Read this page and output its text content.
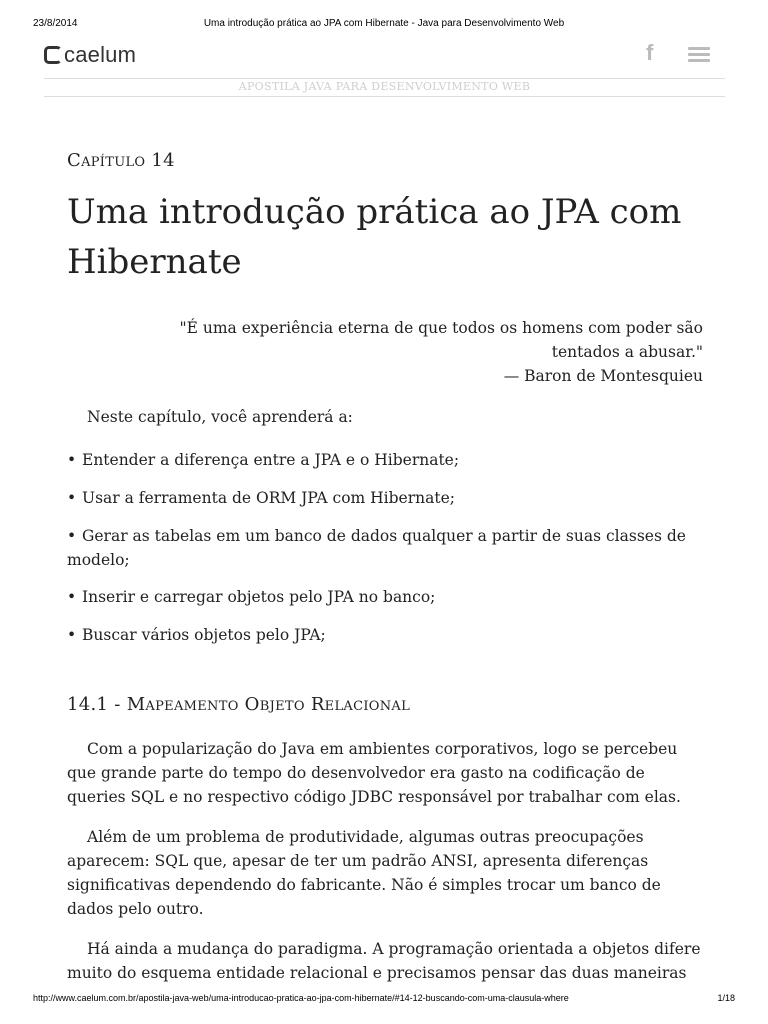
23/8/2014	Uma introdução prática ao JPA com Hibernate - Java para Desenvolvimento Web
caelum	f
APOSTILA JAVA PARA DESENVOLVIMENTO WEB
Capítulo 14
Uma introdução prática ao JPA com Hibernate
"É uma experiência eterna de que todos os homens com poder são tentados a abusar."
— Baron de Montesquieu
Neste capítulo, você aprenderá a:
• Entender a diferença entre a JPA e o Hibernate;
• Usar a ferramenta de ORM JPA com Hibernate;
• Gerar as tabelas em um banco de dados qualquer a partir de suas classes de modelo;
• Inserir e carregar objetos pelo JPA no banco;
• Buscar vários objetos pelo JPA;
14.1 - Mapeamento Objeto Relacional
Com a popularização do Java em ambientes corporativos, logo se percebeu que grande parte do tempo do desenvolvedor era gasto na codificação de queries SQL e no respectivo código JDBC responsável por trabalhar com elas.
Além de um problema de produtividade, algumas outras preocupações aparecem: SQL que, apesar de ter um padrão ANSI, apresenta diferenças significativas dependendo do fabricante. Não é simples trocar um banco de dados pelo outro.
Há ainda a mudança do paradigma. A programação orientada a objetos difere muito do esquema entidade relacional e precisamos pensar das duas maneiras
http://www.caelum.com.br/apostila-java-web/uma-introducao-pratica-ao-jpa-com-hibernate/#14-12-buscando-com-uma-clausula-where	1/18
